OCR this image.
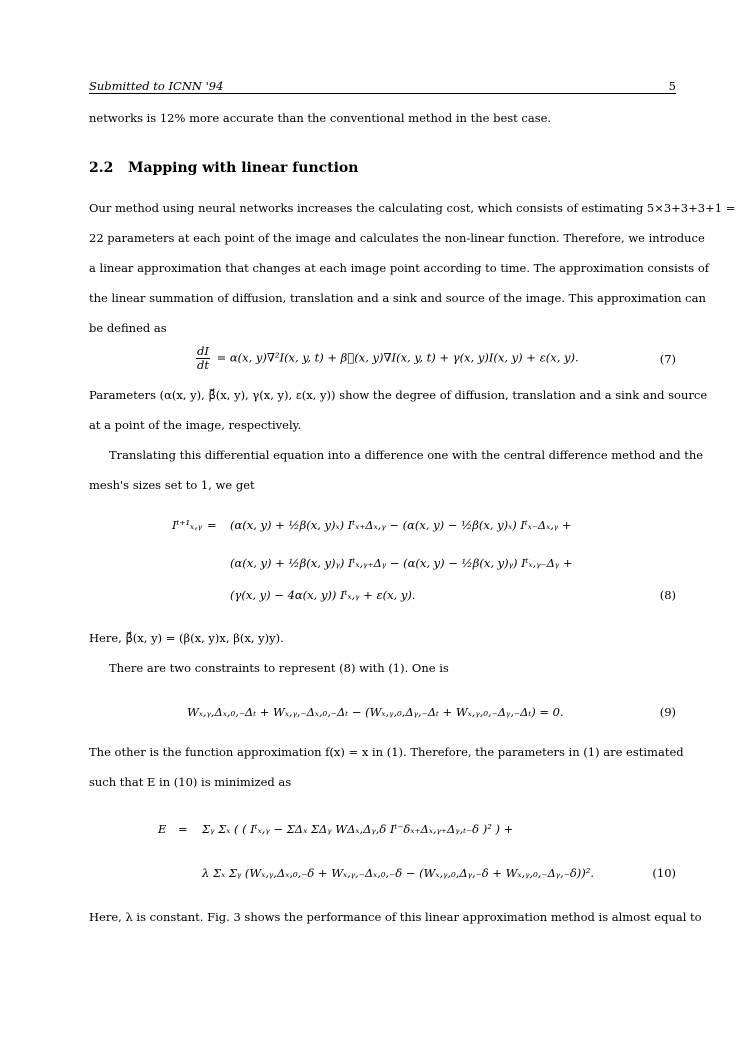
Submitted to ICNN '94	5
networks is 12% more accurate than the conventional method in the best case.
2.2 Mapping with linear function
Our method using neural networks increases the calculating cost, which consists of estimating 5×3+3+3+1 =
22 parameters at each point of the image and calculates the non-linear function. Therefore, we introduce
a linear approximation that changes at each image point according to time. The approximation consists of
the linear summation of diffusion, translation and a sink and source of the image. This approximation can
be defined as
$\frac{dI}{dt} = \alpha(x$, y)∇²I(x, y, t) + β⃗(x, y)∇I(x, y, t) + γ(x, y)I(x, y) + ε(x, y).	(7)
Parameters (α(x, y), β⃗(x, y), γ(x, y), ε(x, y)) show the degree of diffusion, translation and a sink and source
at a point of the image, respectively.
Translating this differential equation into a difference one with the central difference method and the
mesh's sizes set to 1, we get
Iᵗ⁺¹ₓ,ᵧ = (α(x, y) + ½β(x, y)ₓ) Iᵗₓ₊Δₓ,ᵧ − (α(x, y) − ½β(x, y)ₓ) Iᵗₓ₋Δₓ,ᵧ +
(α(x, y) + ½β(x, y)ᵧ) Iᵗₓ,ᵧ₊Δᵧ − (α(x, y) − ½β(x, y)ᵧ) Iᵗₓ,ᵧ₋Δᵧ +
(γ(x, y) − 4α(x, y)) Iᵗₓ,ᵧ + ε(x, y).	(8)
Here, β⃗(x, y) = (β(x, y)x, β(x, y)y).
There are two constraints to represent (8) with (1). One is
Wₓ,ᵧ,Δₓ,₀,₋Δₜ + Wₓ,ᵧ,₋Δₓ,₀,₋Δₜ − (Wₓ,ᵧ,₀,Δᵧ,₋Δₜ + Wₓ,ᵧ,₀,₋Δᵧ,₋Δₜ) = 0.	(9)
The other is the function approximation f(x) = x in (1). Therefore, the parameters in (1) are estimated
such that E in (10) is minimized as
E = Σᵧ Σₓ ( ( Iᵗₓ,ᵧ − ΣΔₓ ΣΔᵧ WΔₓ,Δᵧ,δ Iᵗ⁻δₓ₊Δₓ,ᵧ₊Δᵧ,ₜ₋δ )² ) +
λ Σₓ Σᵧ (Wₓ,ᵧ,Δₓ,₀,₋δ + Wₓ,ᵧ,₋Δₓ,₀,₋δ − (Wₓ,ᵧ,₀,Δᵧ,₋δ + Wₓ,ᵧ,₀,₋Δᵧ,₋δ))².	(10)
Here, λ is constant. Fig. 3 shows the performance of this linear approximation method is almost equal to
